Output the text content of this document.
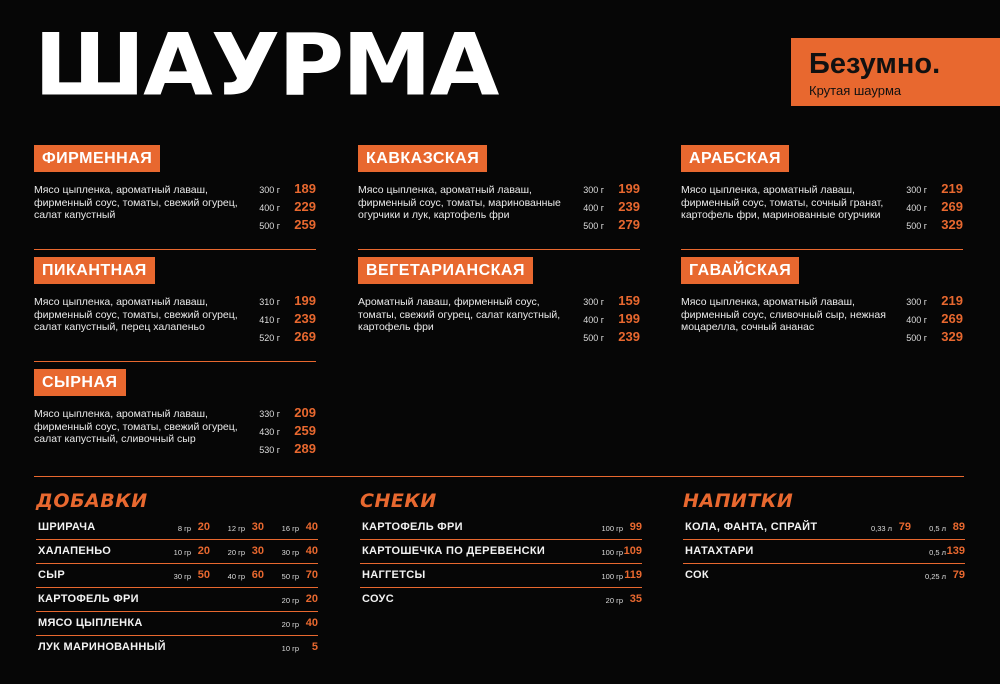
ШАУРМА	Безумно.
Крутая шаурма
ФИРМЕННАЯ
Мясо цыпленка, ароматный лаваш, фирменный соус, томаты, свежий огурец, салат капустный
300 г 189
400 г 229
500 г 259
ПИКАНТНАЯ
Мясо цыпленка, ароматный лаваш, фирменный соус, томаты, свежий огурец, салат капустный, перец халапеньо
310 г 199
410 г 239
520 г 269
СЫРНАЯ
Мясо цыпленка, ароматный лаваш, фирменный соус, томаты, свежий огурец, салат капустный, сливочный сыр
330 г 209
430 г 259
530 г 289
КАВКАЗСКАЯ
Мясо цыпленка, ароматный лаваш, фирменный соус, томаты, маринованные огурчики и лук, картофель фри
300 г 199
400 г 239
500 г 279
ВЕГЕТАРИАНСКАЯ
Ароматный лаваш, фирменный соус, томаты, свежий огурец, салат капустный, картофель фри
300 г 159
400 г 199
500 г 239
АРАБСКАЯ
Мясо цыпленка, ароматный лаваш, фирменный соус, томаты, сочный гранат, картофель фри, маринованные огурчики
300 г 219
400 г 269
500 г 329
ГАВАЙСКАЯ
Мясо цыпленка, ароматный лаваш, фирменный соус, сливочный сыр, нежная моцарелла, сочный ананас
300 г 219
400 г 269
500 г 329
ДОБАВКИ	СНЕКИ	НАПИТКИ
ШРИРАЧА	8 гр 20 12 гр 30 16 гр 40
ХАЛАПЕНЬО	10 гр 20 20 гр 30 30 гр 40
СЫР	30 гр 50 40 гр 60 50 гр 70
КАРТОФЕЛЬ ФРИ	20 гр 20
МЯСО ЦЫПЛЕНКА	20 гр 40
ЛУК МАРИНОВАННЫЙ	10 гр 5
КАРТОФЕЛЬ ФРИ	100 гр 99
КАРТОШЕЧКА ПО ДЕРЕВЕНСКИ	100 гр 109
НАГГЕТСЫ	100 гр 119
СОУС	20 гр 35
КОЛА, ФАНТА, СПРАЙТ	0,33 л 79 0,5 л 89
НАТАХТАРИ	0,5 л 139
СОК	0,25 л 79
